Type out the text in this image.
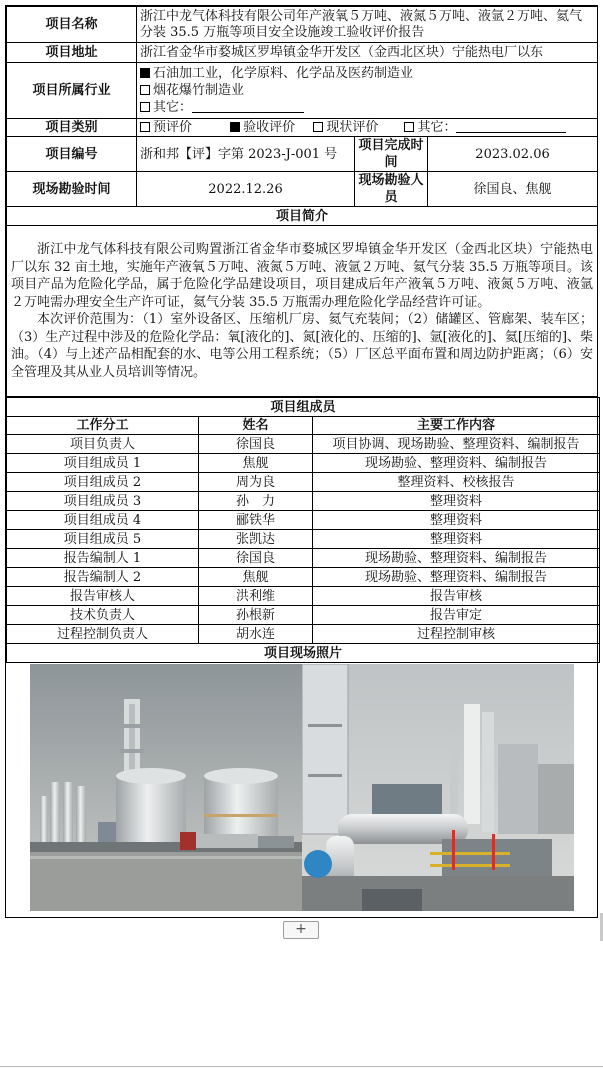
项目名称	浙江中龙气体科技有限公司年产液氧５万吨、液氮５万吨、液氩２万吨、氦气分装 35.5 万瓶等项目安全设施竣工验收评价报告		
项目地址	浙江省金华市婺城区罗埠镇金华开发区（金西北区块）宁能热电厂以东		
项目所属行业	石油加工业，化学原料、化学品及医药制造业
烟花爆竹制造业
其它：		

项目类别	预评价 验收评价 现状评价 其它：		
项目编号	浙和邦【评】字第 2023-J-001 号	项目完成时间	2023.02.06
现场勘验时间	2022.12.26	现场勘验人员	徐国良、焦舰
项目简介			

浙江中龙气体科技有限公司购置浙江省金华市婺城区罗埠镇金华开发区（金西北区块）宁能热电厂以东 32 亩土地，实施年产液氧５万吨、液氮５万吨、液氩２万吨、氦气分装 35.5 万瓶等项目。该项目产品为危险化学品，属于危险化学品建设项目，项目建成后年产液氧５万吨、液氮５万吨、液氩２万吨需办理安全生产许可证，氦气分装 35.5 万瓶需办理危险化学品经营许可证。

本次评价范围为：（1）室外设备区、压缩机厂房、氦气充装间；（2）储罐区、管廊架、装车区；（3）生产过程中涉及的危险化学品：氧[液化的]、氮[液化的、压缩的]、氩[液化的]、氦[压缩的]、柴油。（4）与上述产品相配套的水、电等公用工程系统；（5）厂区总平面布置和周边防护距离；（6）安全管理及其从业人员培训等情况。			

项目组成员		
工作分工	姓名	主要工作内容
项目负责人	徐国良	项目协调、现场勘验、整理资料、编制报告
项目组成员 1	焦舰	现场勘验、整理资料、编制报告
项目组成员 2	周为良	整理资料、校核报告
项目组成员 3	孙　力	整理资料
项目组成员 4	郦铁华	整理资料
项目组成员 5	张凯达	整理资料
报告编制人 1	徐国良	现场勘验、整理资料、编制报告
报告编制人 2	焦舰	现场勘验、整理资料、编制报告
报告审核人	洪利维	报告审核
技术负责人	孙根新	报告审定
过程控制负责人	胡水连	过程控制审核
项目现场照片		
+
